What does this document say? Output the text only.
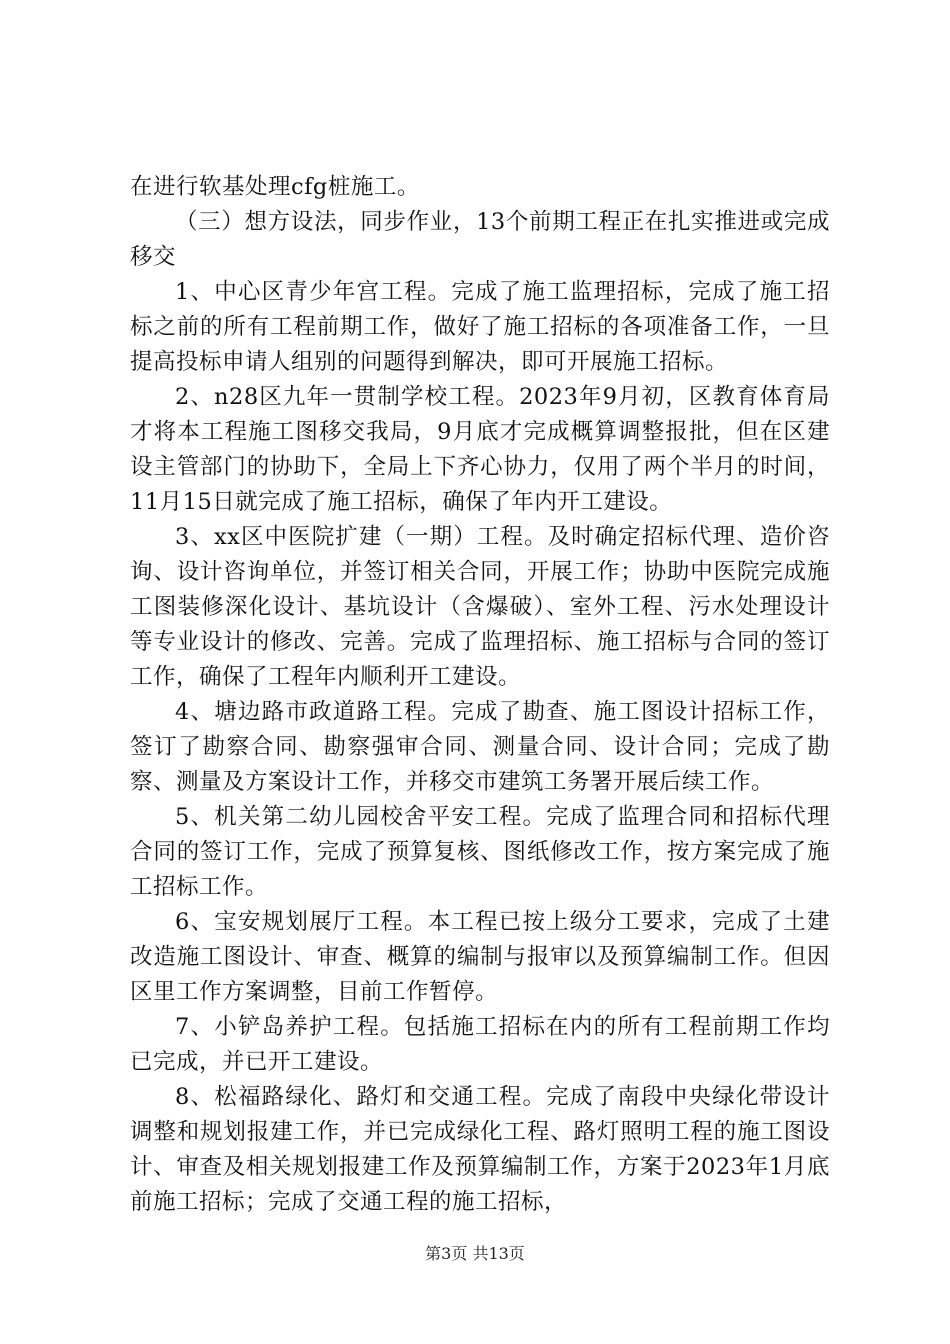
在进行软基处理cfg桩施工。

（三）想方设法，同步作业，13个前期工程正在扎实推进或完成移交

1、中心区青少年宫工程。完成了施工监理招标，完成了施工招标之前的所有工程前期工作，做好了施工招标的各项准备工作，一旦提高投标申请人组别的问题得到解决，即可开展施工招标。

2、n28区九年一贯制学校工程。2023年9月初，区教育体育局才将本工程施工图移交我局，9月底才完成概算调整报批，但在区建设主管部门的协助下，全局上下齐心协力，仅用了两个半月的时间，11月15日就完成了施工招标，确保了年内开工建设。

3、xx区中医院扩建（一期）工程。及时确定招标代理、造价咨询、设计咨询单位，并签订相关合同，开展工作；协助中医院完成施工图装修深化设计、基坑设计（含爆破）、室外工程、污水处理设计等专业设计的修改、完善。完成了监理招标、施工招标与合同的签订工作，确保了工程年内顺利开工建设。

4、塘边路市政道路工程。完成了勘查、施工图设计招标工作，签订了勘察合同、勘察强审合同、测量合同、设计合同；完成了勘察、测量及方案设计工作，并移交市建筑工务署开展后续工作。

5、机关第二幼儿园校舍平安工程。完成了监理合同和招标代理合同的签订工作，完成了预算复核、图纸修改工作，按方案完成了施工招标工作。

6、宝安规划展厅工程。本工程已按上级分工要求，完成了土建改造施工图设计、审查、概算的编制与报审以及预算编制工作。但因区里工作方案调整，目前工作暂停。

7、小铲岛养护工程。包括施工招标在内的所有工程前期工作均已完成，并已开工建设。

8、松福路绿化、路灯和交通工程。完成了南段中央绿化带设计调整和规划报建工作，并已完成绿化工程、路灯照明工程的施工图设计、审查及相关规划报建工作及预算编制工作，方案于2023年1月底前施工招标；完成了交通工程的施工招标，

第3页 共13页
